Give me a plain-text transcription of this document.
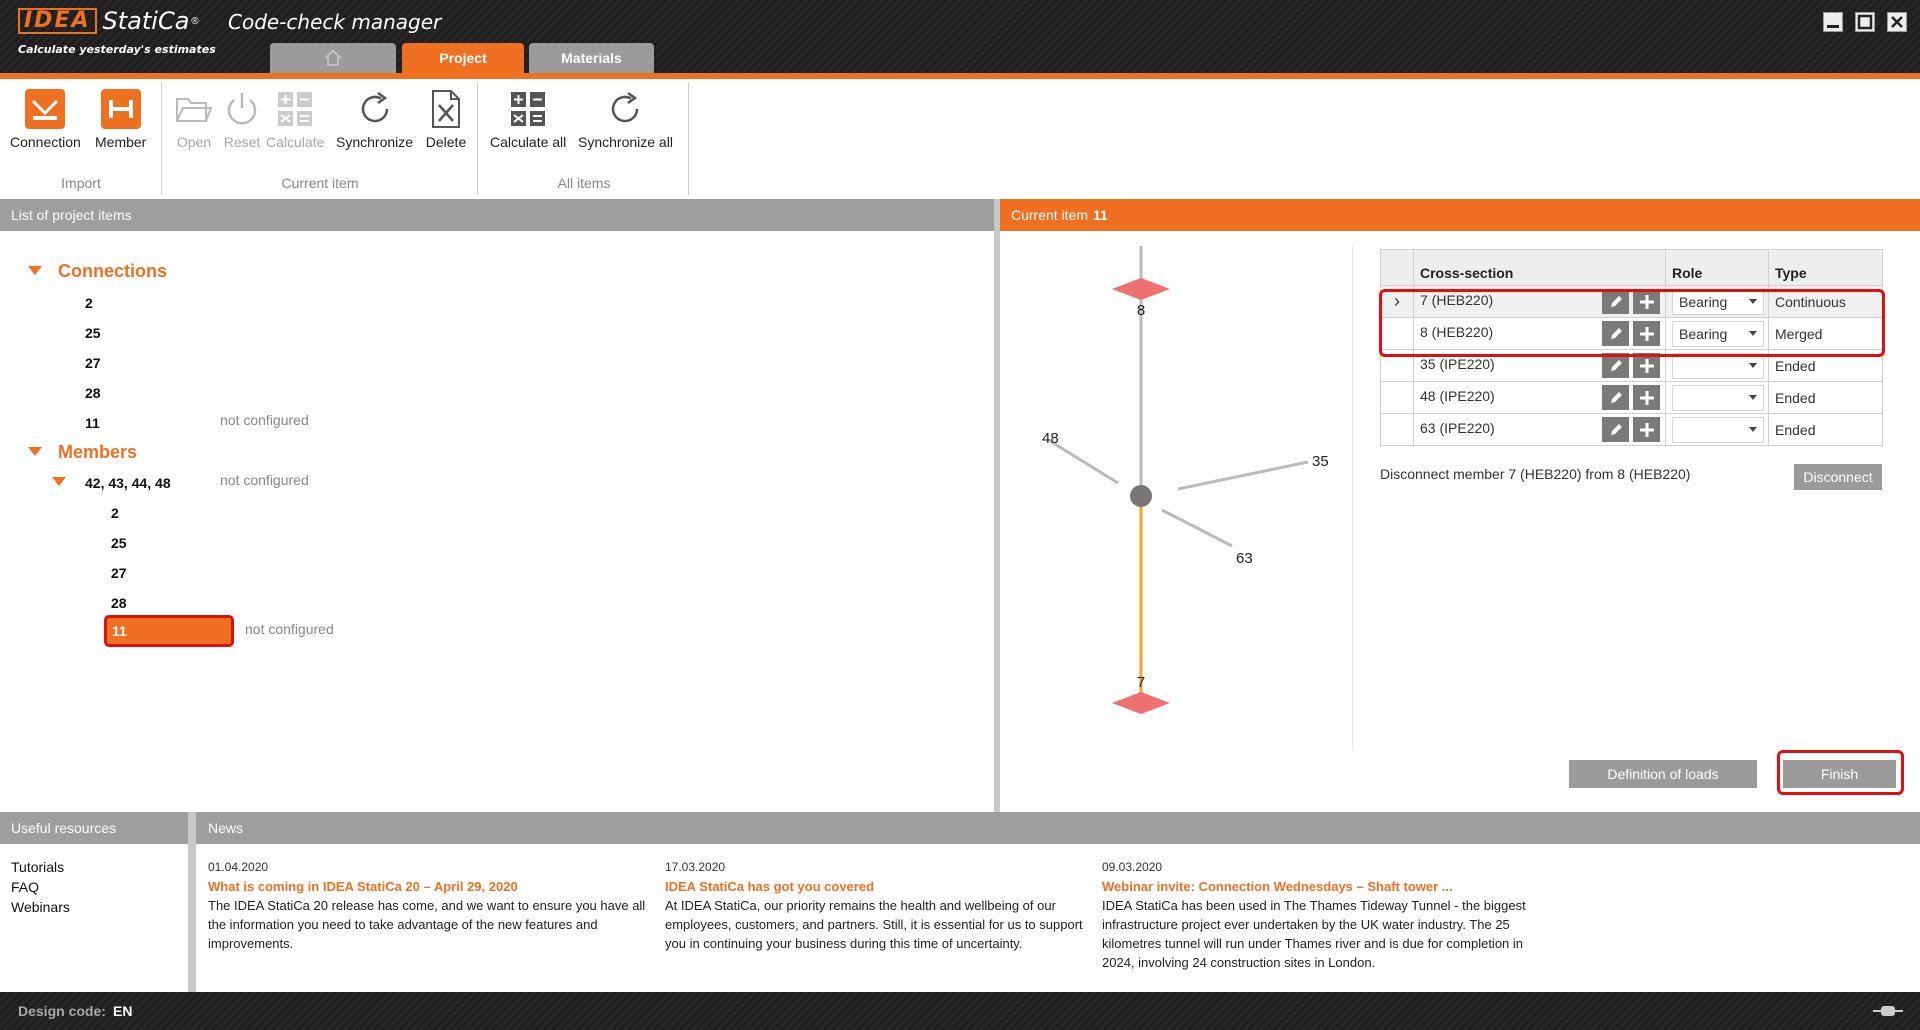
IDEA StatiCa ® Code-check manager
Calculate yesterday's estimates
Project	Materials
Connection Member
Import
Open Reset Calculate Synchronize Delete
Current item
Calculate all Synchronize all
All items
List of project items
Connections
2
25
27
28
11	not configured
Members
42, 43, 44, 48	not configured
2
25
27
28
11	not configured
Current item 11
8
48
35
63
7
	Cross-section	Role	Type
›	7 (HEB220)	Bearing	Continuous

	8 (HEB220)	Bearing	Merged

	35 (IPE220)		Ended

	48 (IPE220)		Ended

	63 (IPE220)		Ended
Disconnect member 7 (HEB220) from 8 (HEB220)	Disconnect
Definition of loads	Finish
Useful resources	News
Tutorials
FAQ
Webinars
01.04.2020
What is coming in IDEA StatiCa 20 – April 29, 2020
The IDEA StatiCa 20 release has come, and we want to ensure you have all the information you need to take advantage of the new features and improvements.
17.03.2020
IDEA StatiCa has got you covered
At IDEA StatiCa, our priority remains the health and wellbeing of our employees, customers, and partners. Still, it is essential for us to support you in continuing your business during this time of uncertainty.
09.03.2020
Webinar invite: Connection Wednesdays – Shaft tower ...
IDEA StatiCa has been used in The Thames Tideway Tunnel - the biggest infrastructure project ever undertaken by the UK water industry. The 25 kilometres tunnel will run under Thames river and is due for completion in 2024, involving 24 construction sites in London.
Design code: EN
